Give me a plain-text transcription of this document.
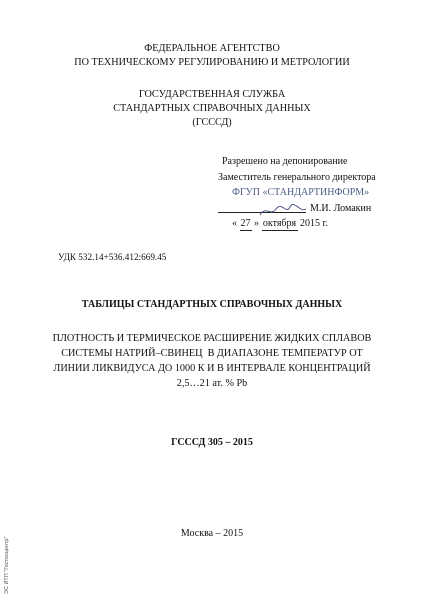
ФЕДЕРАЛЬНОЕ АГЕНТСТВО
ПО ТЕХНИЧЕСКОМУ РЕГУЛИРОВАНИЮ И МЕТРОЛОГИИ
ГОСУДАРСТВЕННАЯ СЛУЖБА
СТАНДАРТНЫХ СПРАВОЧНЫХ ДАННЫХ
(ГСССД)
Разрешено на депонирование
Заместитель генерального директора
ФГУП «СТАНДАРТИНФОРМ»
М.И. Ломакин
« 27 » октября 2015 г.
УДК 532.14+536.412:669.45
ТАБЛИЦЫ СТАНДАРТНЫХ СПРАВОЧНЫХ ДАННЫХ
ПЛОТНОСТЬ И ТЕРМИЧЕСКОЕ РАСШИРЕНИЕ ЖИДКИХ СПЛАВОВ
СИСТЕМЫ НАТРИЙ–СВИНЕЦ  В ДИАПАЗОНЕ ТЕМПЕРАТУР ОТ
ЛИНИИ ЛИКВИДУСА ДО 1000 К И В ИНТЕРВАЛЕ КОНЦЕНТРАЦИЙ
2,5…21 ат. % Pb
ГСССД 305 – 2015
Москва – 2015
ЭС ИТП "Гостехцентр"
